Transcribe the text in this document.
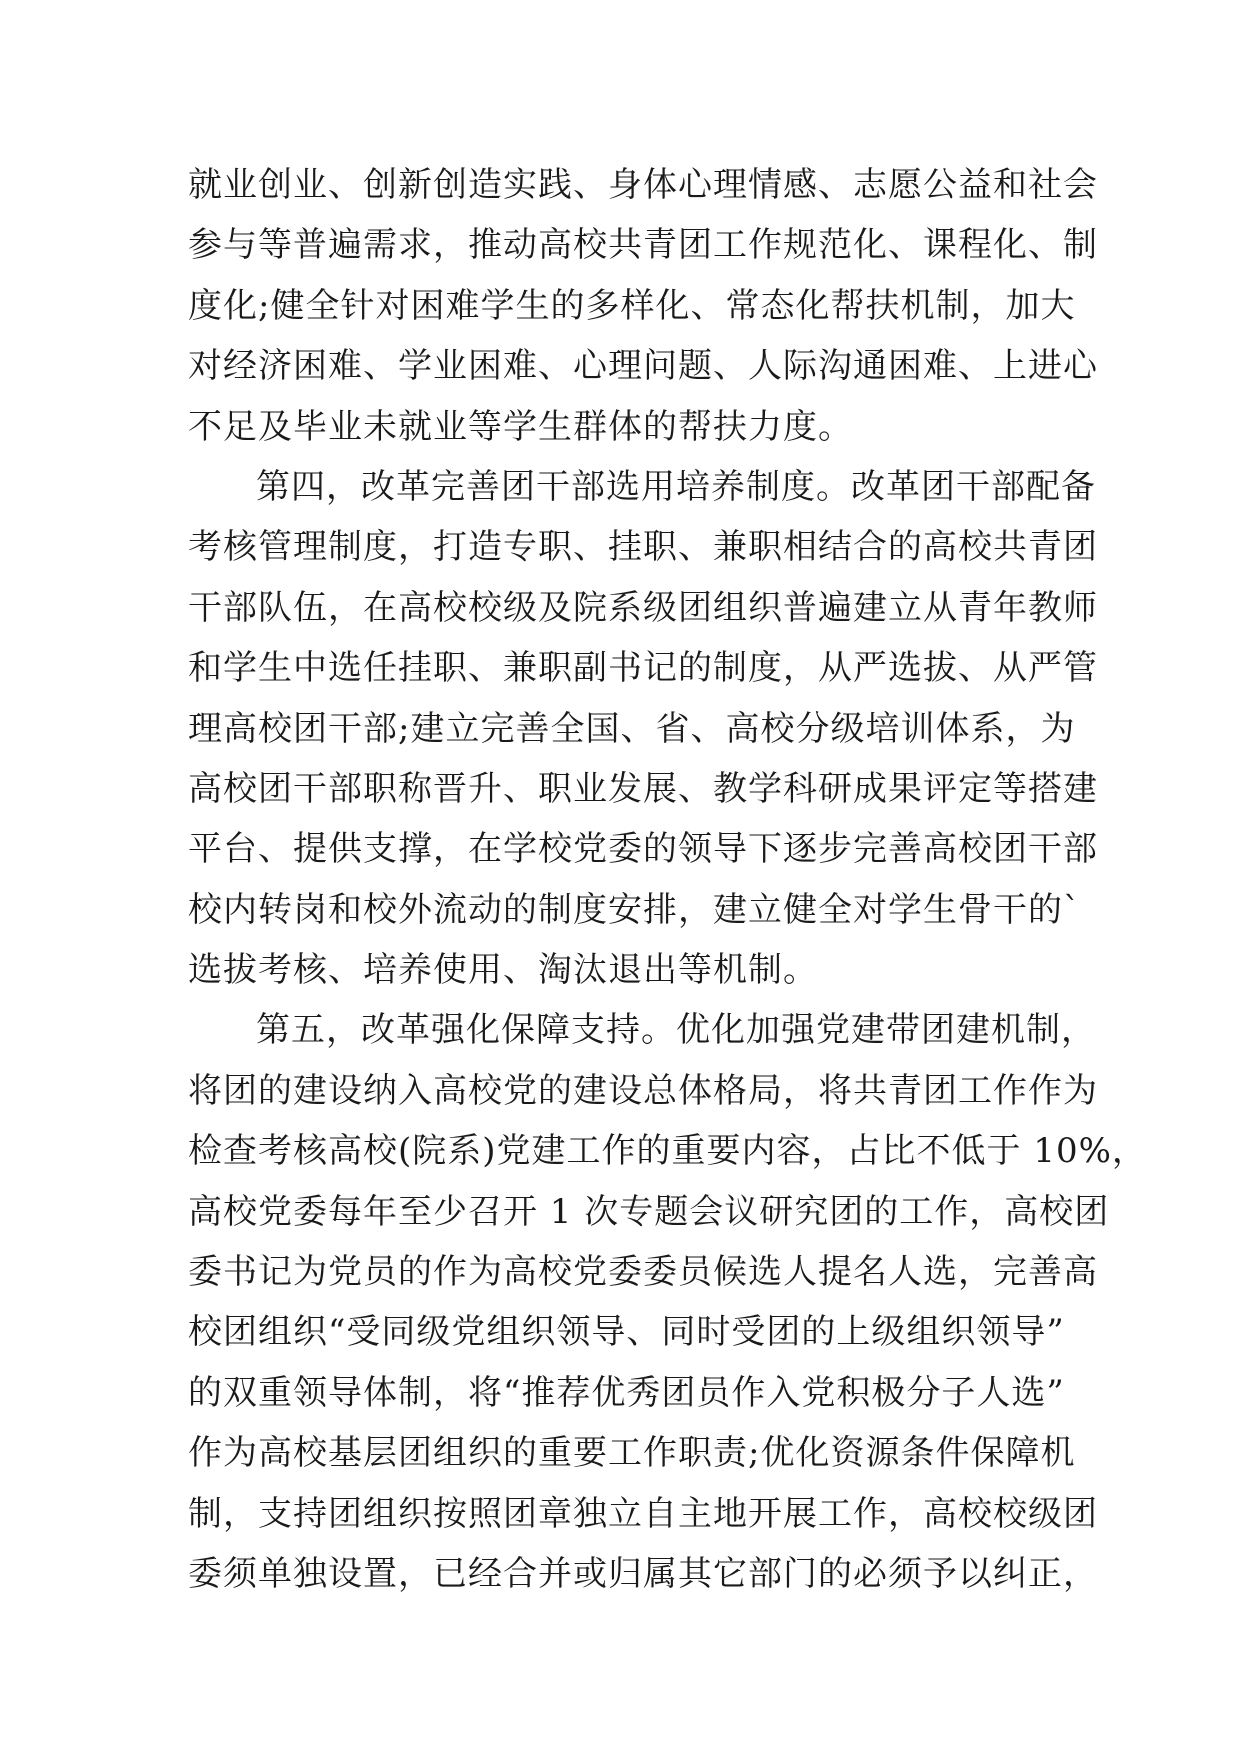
就业创业、创新创造实践、身体心理情感、志愿公益和社会
参与等普遍需求，推动高校共青团工作规范化、课程化、制
度化;健全针对困难学生的多样化、常态化帮扶机制，加大
对经济困难、学业困难、心理问题、人际沟通困难、上进心
不足及毕业未就业等学生群体的帮扶力度。
第四，改革完善团干部选用培养制度。改革团干部配备
考核管理制度，打造专职、挂职、兼职相结合的高校共青团
干部队伍，在高校校级及院系级团组织普遍建立从青年教师
和学生中选任挂职、兼职副书记的制度，从严选拔、从严管
理高校团干部;建立完善全国、省、高校分级培训体系，为
高校团干部职称晋升、职业发展、教学科研成果评定等搭建
平台、提供支撑，在学校党委的领导下逐步完善高校团干部
校内转岗和校外流动的制度安排，建立健全对学生骨干的`
选拔考核、培养使用、淘汰退出等机制。
第五，改革强化保障支持。优化加强党建带团建机制，
将团的建设纳入高校党的建设总体格局，将共青团工作作为
检查考核高校(院系)党建工作的重要内容，占比不低于 10%，
高校党委每年至少召开 1 次专题会议研究团的工作，高校团
委书记为党员的作为高校党委委员候选人提名人选，完善高
校团组织“受同级党组织领导、同时受团的上级组织领导”
的双重领导体制，将“推荐优秀团员作入党积极分子人选”
作为高校基层团组织的重要工作职责;优化资源条件保障机
制，支持团组织按照团章独立自主地开展工作，高校校级团
委须单独设置，已经合并或归属其它部门的必须予以纠正，
